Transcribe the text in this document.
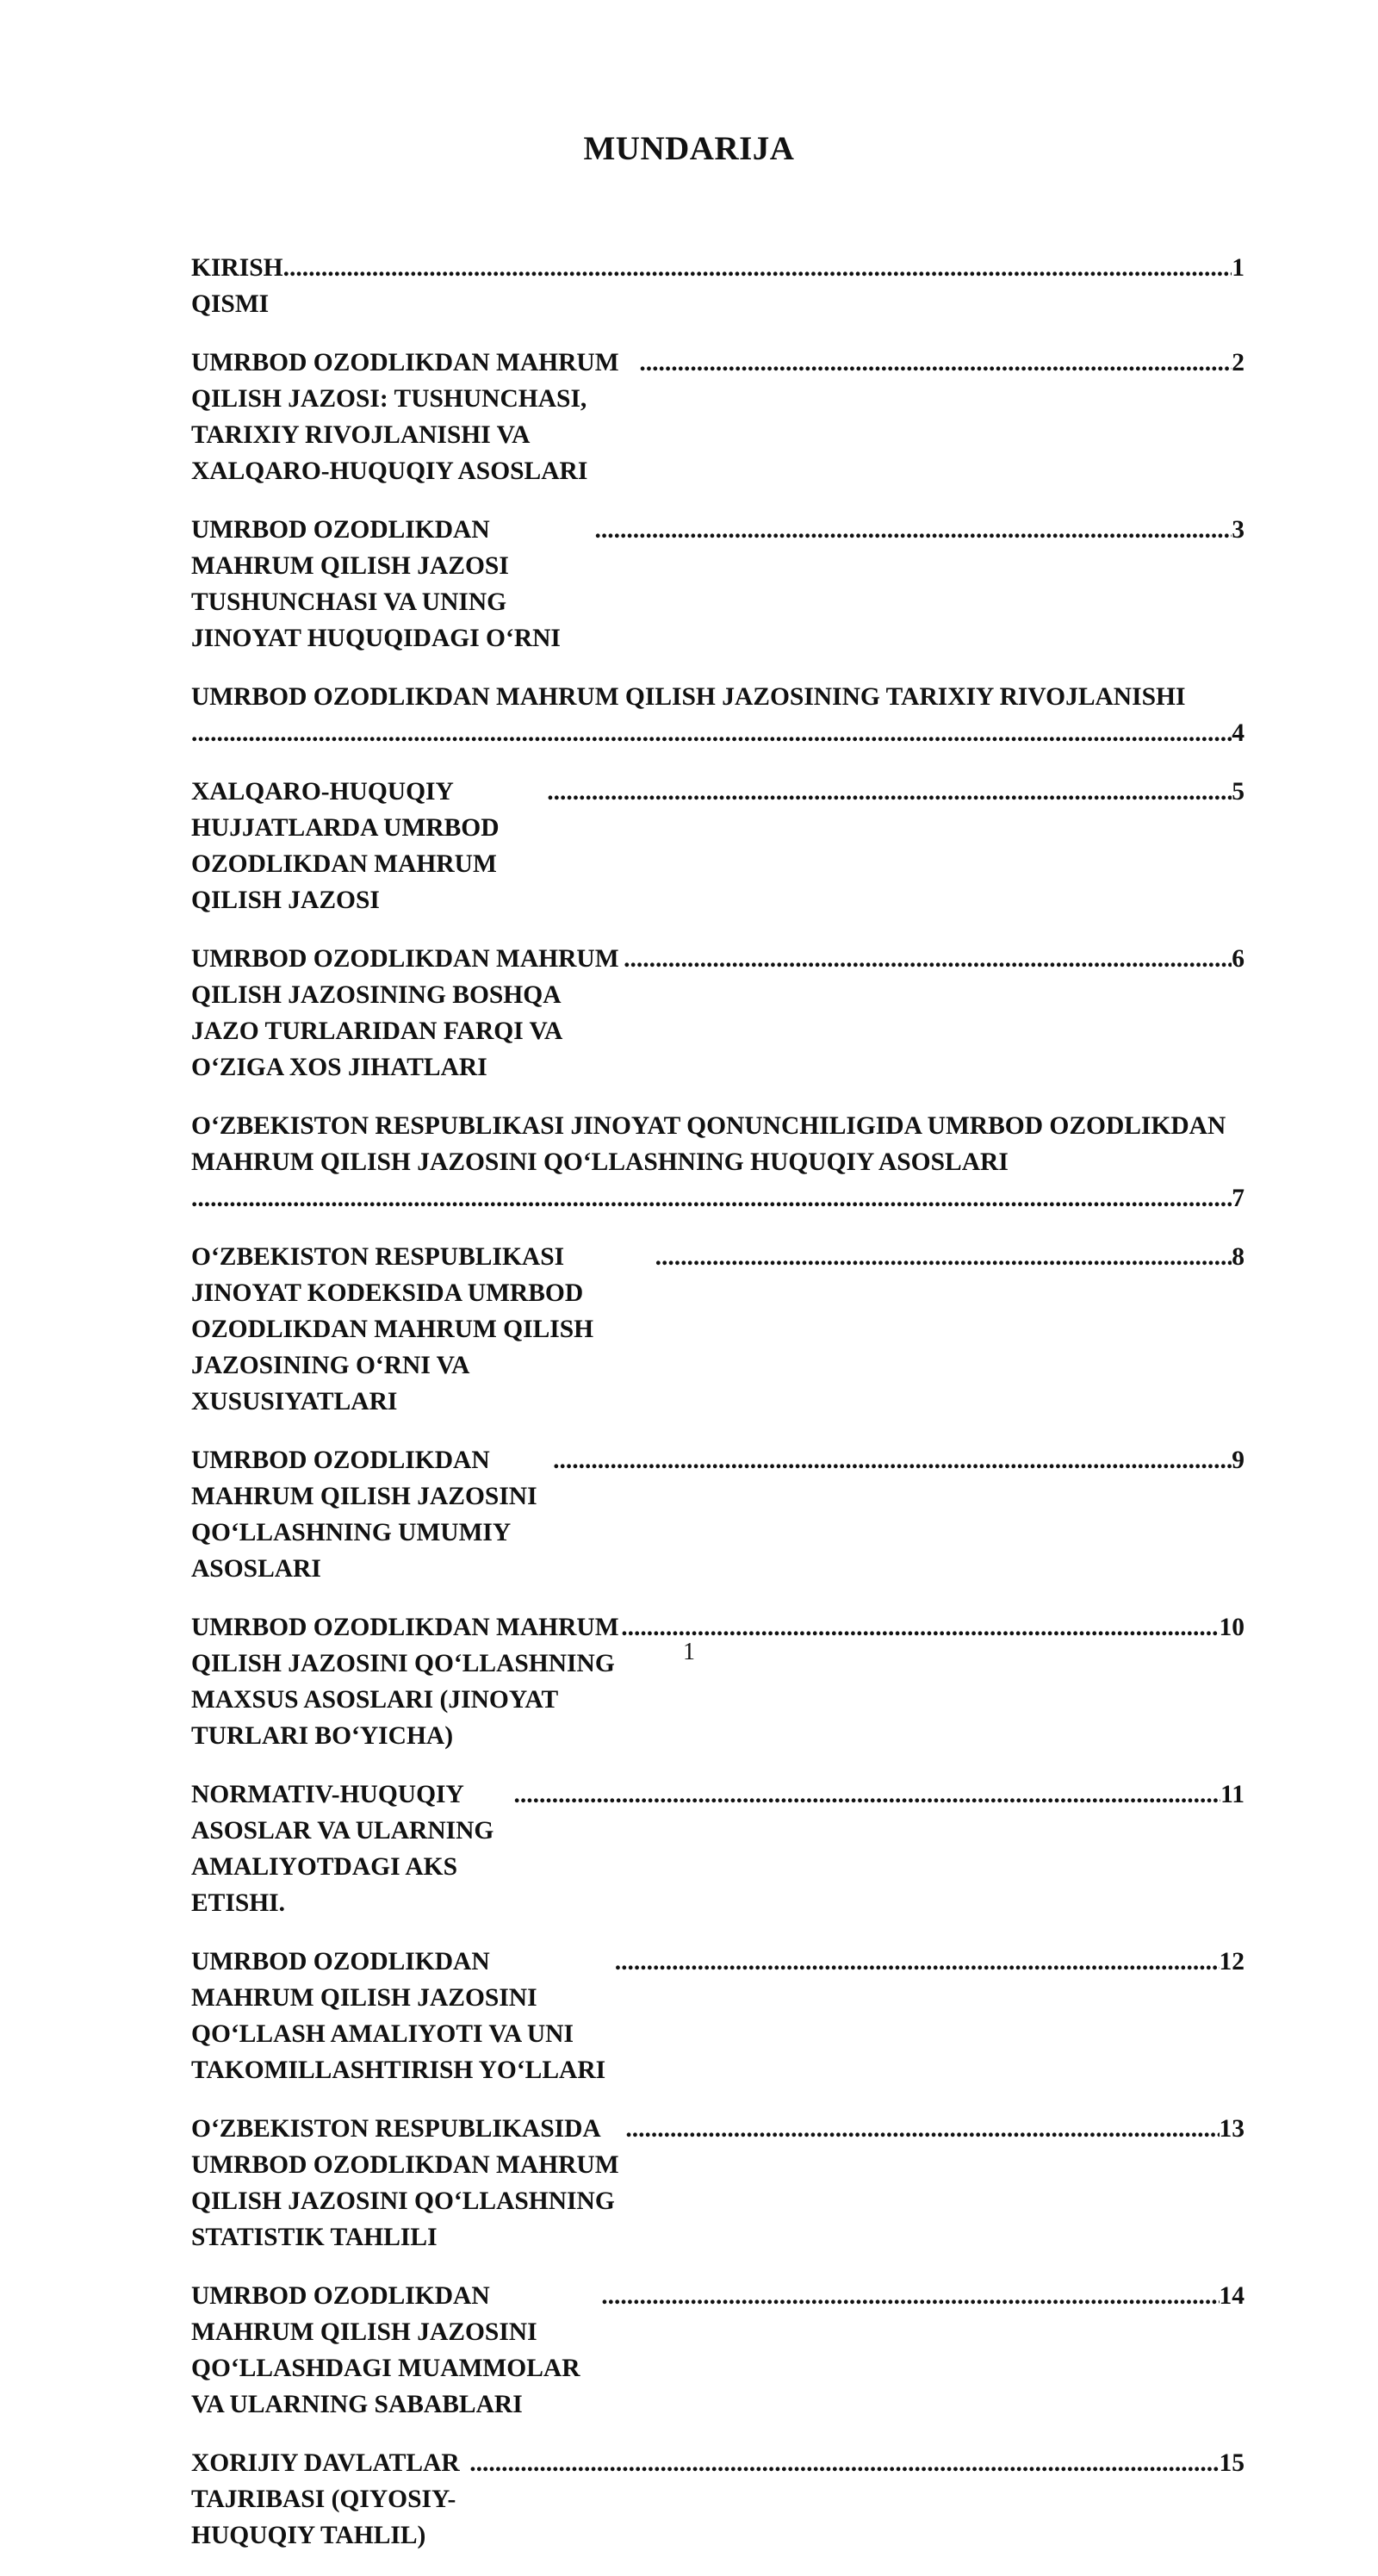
MUNDARIJA
KIRISH QISMI
.....
1
UMRBOD OZODLIKDAN MAHRUM QILISH JAZOSI: TUSHUNCHASI, TARIXIY RIVOJLANISHI VA XALQARO-HUQUQIY ASOSLARI
.....
2
UMRBOD OZODLIKDAN MAHRUM QILISH JAZOSI TUSHUNCHASI VA UNING JINOYAT HUQUQIDAGI O‘RNI
.....
3
UMRBOD OZODLIKDAN MAHRUM QILISH JAZOSINING TARIXIY RIVOJLANISHI
.....
4
XALQARO-HUQUQIY HUJJATLARDA UMRBOD OZODLIKDAN MAHRUM QILISH JAZOSI
.....
5
UMRBOD OZODLIKDAN MAHRUM QILISH JAZOSINING BOSHQA JAZO TURLARIDAN FARQI VA O‘ZIGA XOS JIHATLARI
.....
6
O‘ZBEKISTON RESPUBLIKASI JINOYAT QONUNCHILIGIDA UMRBOD OZODLIKDAN MAHRUM QILISH JAZOSINI QO‘LLASHNING HUQUQIY ASOSLARI
.....
7
O‘ZBEKISTON RESPUBLIKASI JINOYAT KODEKSIDA UMRBOD OZODLIKDAN MAHRUM QILISH JAZOSINING O‘RNI VA XUSUSIYATLARI
.....
8
UMRBOD OZODLIKDAN MAHRUM QILISH JAZOSINI QO‘LLASHNING UMUMIY ASOSLARI
.....
9
UMRBOD OZODLIKDAN MAHRUM QILISH JAZOSINI QO‘LLASHNING MAXSUS ASOSLARI (JINOYAT TURLARI BO‘YICHA)
.....
10
NORMATIV-HUQUQIY ASOSLAR VA ULARNING AMALIYOTDAGI AKS ETISHI.
.....
11
UMRBOD OZODLIKDAN MAHRUM QILISH JAZOSINI QO‘LLASH AMALIYOTI VA UNI TAKOMILLASHTIRISH YO‘LLARI
.....
12
O‘ZBEKISTON RESPUBLIKASIDA UMRBOD OZODLIKDAN MAHRUM QILISH JAZOSINI QO‘LLASHNING STATISTIK TAHLILI
.....
13
UMRBOD OZODLIKDAN MAHRUM QILISH JAZOSINI QO‘LLASHDAGI MUAMMOLAR VA ULARNING SABABLARI
.....
14
XORIJIY DAVLATLAR TAJRIBASI (QIYOSIY-HUQUQIY TAHLIL)
.....
15
1
